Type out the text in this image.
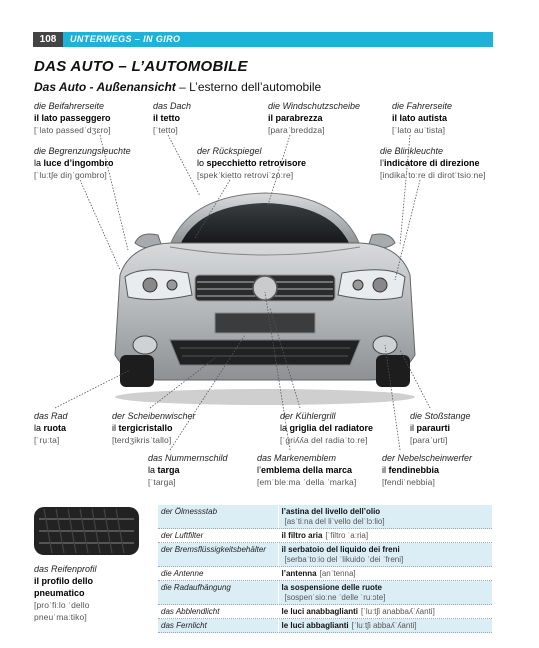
108	UNTERWEGS – IN GIRO
DAS AUTO – L’AUTOMOBILE
Das Auto - Außenansicht – L’esterno dell’automobile
die Beifahrerseite
il lato passeggero
[ˈlato passedˈdʒɛro]
das Dach
il tetto
[ˈtetto]
die Windschutzscheibe
il parabrezza
[paraˈbreddza]
die Fahrerseite
il lato autista
[ˈlato auˈtista]
die Begrenzungsleuchte
la luce d’ingombro
[ˈluːtʃe diŋˈgombro]
der Rückspiegel
lo specchietto retrovisore
[spekˈkietto retroviˈzoːre]
die Blinkleuchte
l’indicatore di direzione
[indikaˈtoːre di dirotˈtsioːne]
das Rad
la ruota
[ˈrụːta]
der Scheibenwischer
il tergicristallo
[terdʒikrisˈtallo]
der Kühlergrill
la griglia del radiatore
[ˈɡriʎʎa del radiaˈtoːre]
die Stoßstange
il paraurti
[paraˈurti]
das Nummernschild
la targa
[ˈtarga]
das Markenemblem
l’emblema della marca
[emˈbleːma ˈdella ˈmarka]
der Nebelscheinwerfer
il fendinebbia
[fendiˈnebbia]
das Reifenprofil
il profilo dello
pneumatico
[proˈfiːlo ˈdello
pneuˈmaːtiko]
der Ölmessstab	l’astina del livello dell’olio
[asˈtiːna del liˈvello delˈlɔːlio]
der Luftfilter	il filtro aria [ˈfiltro ˈaːria]
der Bremsflüssigkeitsbehälter	il serbatoio del liquido dei freni
[serbaˈtoːio del ˈlikuido ˈdei ˈfreni]
die Antenne	l’antenna [anˈtenna]
die Radaufhängung	la sospensione delle ruote
[sospenˈsioːne ˈdelle ˈruːɔte]
das Abblendlicht	le luci anabbaglianti [ˈluːtʃi anabbaʎˈʎanti]
das Fernlicht	le luci abbaglianti [ˈluːtʃi abbaʎˈʎanti]
